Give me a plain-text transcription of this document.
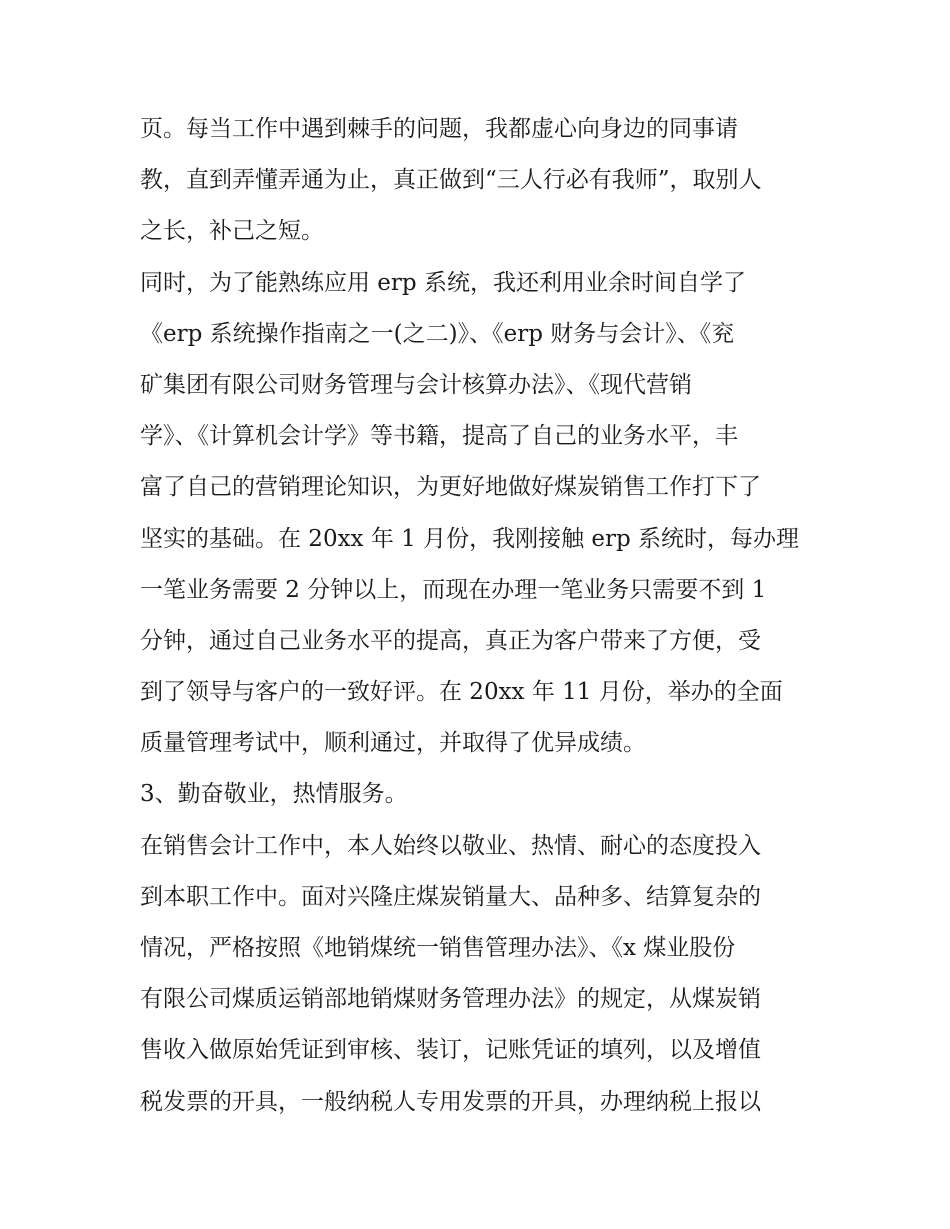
页。每当工作中遇到棘手的问题，我都虚心向身边的同事请
教，直到弄懂弄通为止，真正做到“三人行必有我师”，取别人
之长，补己之短。
同时，为了能熟练应用 erp 系统，我还利用业余时间自学了
《erp 系统操作指南之一(之二)》、《erp 财务与会计》、《兖
矿集团有限公司财务管理与会计核算办法》、《现代营销
学》、《计算机会计学》等书籍，提高了自己的业务水平，丰
富了自己的营销理论知识，为更好地做好煤炭销售工作打下了
坚实的基础。在 20xx 年 1 月份，我刚接触 erp 系统时，每办理
一笔业务需要 2 分钟以上，而现在办理一笔业务只需要不到 1
分钟，通过自己业务水平的提高，真正为客户带来了方便，受
到了领导与客户的一致好评。在 20xx 年 11 月份，举办的全面
质量管理考试中，顺利通过，并取得了优异成绩。
3、勤奋敬业，热情服务。
在销售会计工作中，本人始终以敬业、热情、耐心的态度投入
到本职工作中。面对兴隆庄煤炭销量大、品种多、结算复杂的
情况，严格按照《地销煤统一销售管理办法》、《x 煤业股份
有限公司煤质运销部地销煤财务管理办法》的规定，从煤炭销
售收入做原始凭证到审核、装订，记账凭证的填列，以及增值
税发票的开具，一般纳税人专用发票的开具，办理纳税上报以
